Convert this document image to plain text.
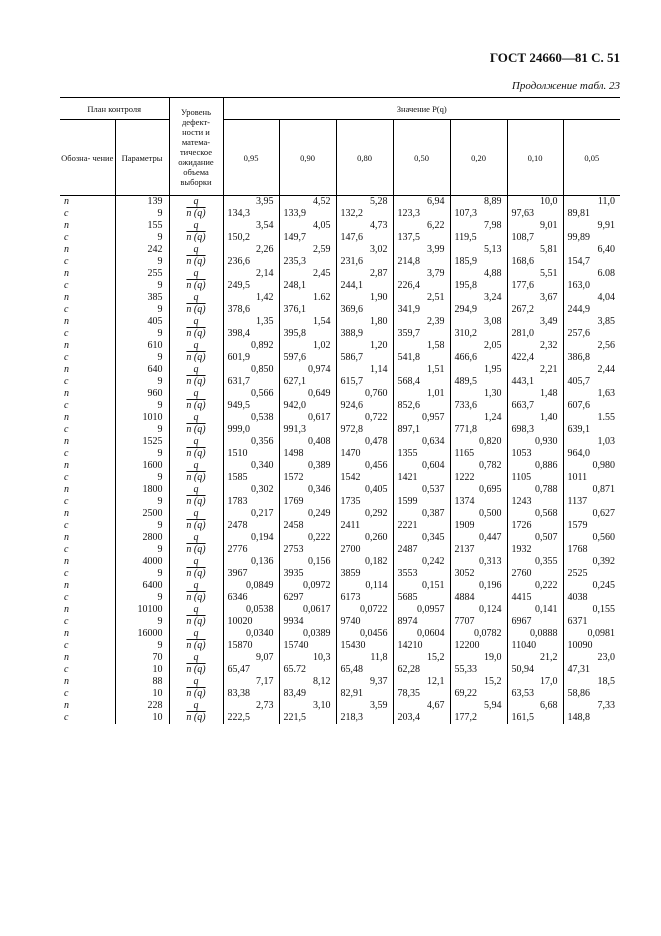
ГОСТ 24660—81 С. 51
Продолжение табл. 23
План контроля		Уровень дефект- ности и матема- тическое ожидание объема выборки	Значение P(q)						
Обозна- чение	Параметры		0,95	0,90	0,80	0,50	0,20	0,10	0,05
n	139	q	3,95	4,52	5,28	6,94	8,89	10,0	11,0
c	9	n (q)	134,3	133,9	132,2	123,3	107,3	97,63	89,81
n	155	q	3,54	4,05	4,73	6,22	7,98	9,01	9,91
c	9	n (q)	150,2	149,7	147,6	137,5	119,5	108,7	99,89
n	242	q	2,26	2,59	3,02	3,99	5,13	5,81	6,40
c	9	n (q)	236,6	235,3	231,6	214,8	185,9	168,6	154,7
n	255	q	2,14	2,45	2,87	3,79	4,88	5,51	6.08
c	9	n (q)	249,5	248,1	244,1	226,4	195,8	177,6	163,0
n	385	q	1,42	1.62	1,90	2,51	3,24	3,67	4,04
c	9	n (q)	378,6	376,1	369,6	341,9	294,9	267,2	244,9
n	405	q	1,35	1,54	1,80	2,39	3,08	3,49	3,85
c	9	n (q)	398,4	395,8	388,9	359,7	310,2	281,0	257,6
n	610	q	0,892	1,02	1,20	1,58	2,05	2,32	2,56
c	9	n (q)	601,9	597,6	586,7	541,8	466,6	422,4	386,8
n	640	q	0,850	0,974	1,14	1,51	1,95	2,21	2,44
c	9	n (q)	631,7	627,1	615,7	568,4	489,5	443,1	405,7
n	960	q	0,566	0,649	0,760	1,01	1,30	1,48	1,63
c	9	n (q)	949,5	942,0	924,6	852,6	733,6	663,7	607,6
n	1010	q	0,538	0,617	0,722	0,957	1,24	1,40	1.55
c	9	n (q)	999,0	991,3	972,8	897,1	771,8	698,3	639,1
n	1525	q	0,356	0,408	0,478	0,634	0,820	0,930	1,03
c	9	n (q)	1510	1498	1470	1355	1165	1053	964,0
n	1600	q	0,340	0,389	0,456	0,604	0,782	0,886	0,980
c	9	n (q)	1585	1572	1542	1421	1222	1105	1011
n	1800	q	0,302	0,346	0,405	0,537	0,695	0,788	0,871
c	9	n (q)	1783	1769	1735	1599	1374	1243	1137
n	2500	q	0,217	0,249	0,292	0,387	0,500	0,568	0,627
c	9	n (q)	2478	2458	2411	2221	1909	1726	1579
n	2800	q	0,194	0,222	0,260	0,345	0,447	0,507	0,560
c	9	n (q)	2776	2753	2700	2487	2137	1932	1768
n	4000	q	0,136	0,156	0,182	0,242	0,313	0,355	0,392
c	9	n (q)	3967	3935	3859	3553	3052	2760	2525
n	6400	q	0,0849	0,0972	0,114	0,151	0,196	0,222	0,245
c	9	n (q)	6346	6297	6173	5685	4884	4415	4038
n	10100	q	0,0538	0,0617	0,0722	0,0957	0,124	0,141	0,155
c	9	n (q)	10020	9934	9740	8974	7707	6967	6371
n	16000	q	0,0340	0,0389	0,0456	0,0604	0,0782	0,0888	0,0981
c	9	n (q)	15870	15740	15430	14210	12200	11040	10090
n	70	q	9,07	10,3	11,8	15,2	19,0	21,2	23,0
c	10	n (q)	65,47	65.72	65,48	62,28	55,33	50,94	47,31
n	88	q	7,17	8,12	9,37	12,1	15,2	17,0	18,5
c	10	n (q)	83,38	83,49	82,91	78,35	69,22	63,53	58,86
n	228	q	2,73	3,10	3,59	4,67	5,94	6,68	7,33
c	10	n (q)	222,5	221,5	218,3	203,4	177,2	161,5	148,8
